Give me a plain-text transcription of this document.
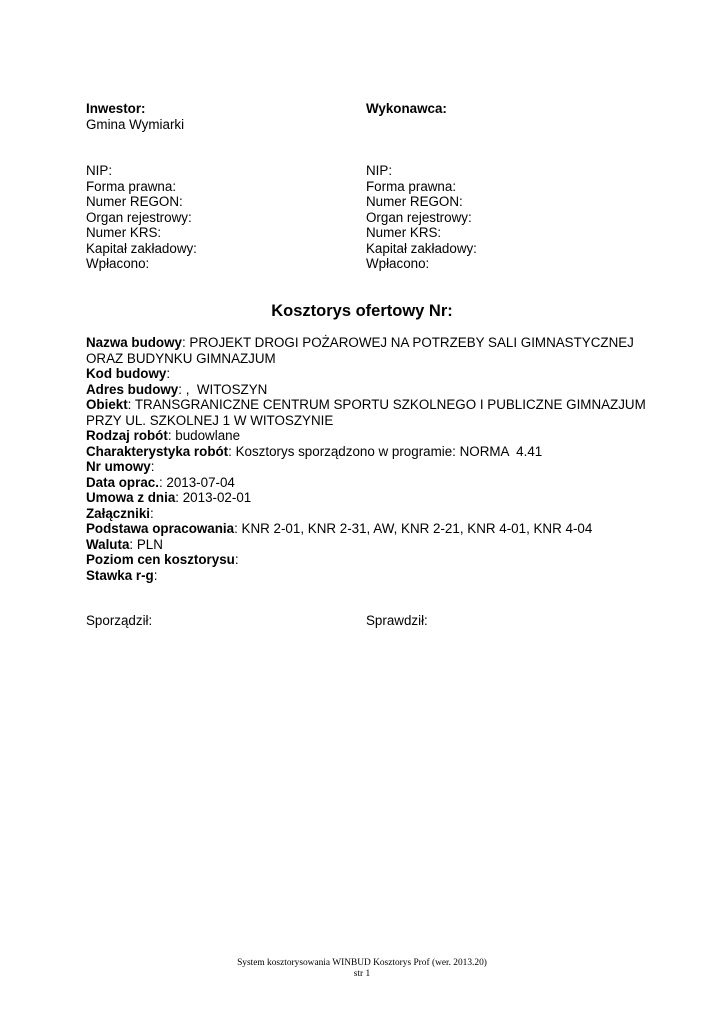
Inwestor:
Gmina Wymiarki
NIP:
Forma prawna:
Numer REGON:
Organ rejestrowy:
Numer KRS:
Kapitał zakładowy:
Wpłacono:
Wykonawca:

NIP:
Forma prawna:
Numer REGON:
Organ rejestrowy:
Numer KRS:
Kapitał zakładowy:
Wpłacono:
Kosztorys ofertowy Nr:
Nazwa budowy: PROJEKT DROGI POŻAROWEJ NA POTRZEBY SALI GIMNASTYCZNEJ ORAZ BUDYNKU GIMNAZJUM
Kod budowy:
Adres budowy: ,  WITOSZYN
Obiekt: TRANSGRANICZNE CENTRUM SPORTU SZKOLNEGO I PUBLICZNE GIMNAZJUM PRZY UL. SZKOLNEJ 1 W WITOSZYNIE
Rodzaj robót: budowlane
Charakterystyka robót: Kosztorys sporządzono w programie: NORMA  4.41
Nr umowy:
Data oprac.: 2013-07-04
Umowa z dnia: 2013-02-01
Załączniki:
Podstawa opracowania: KNR 2-01, KNR 2-31, AW, KNR 2-21, KNR 4-01, KNR 4-04
Waluta: PLN
Poziom cen kosztorysu:
Stawka r-g:
Sporządził:	Sprawdził:
System kosztorysowania WINBUD Kosztorys Prof (wer. 2013.20)
str 1
